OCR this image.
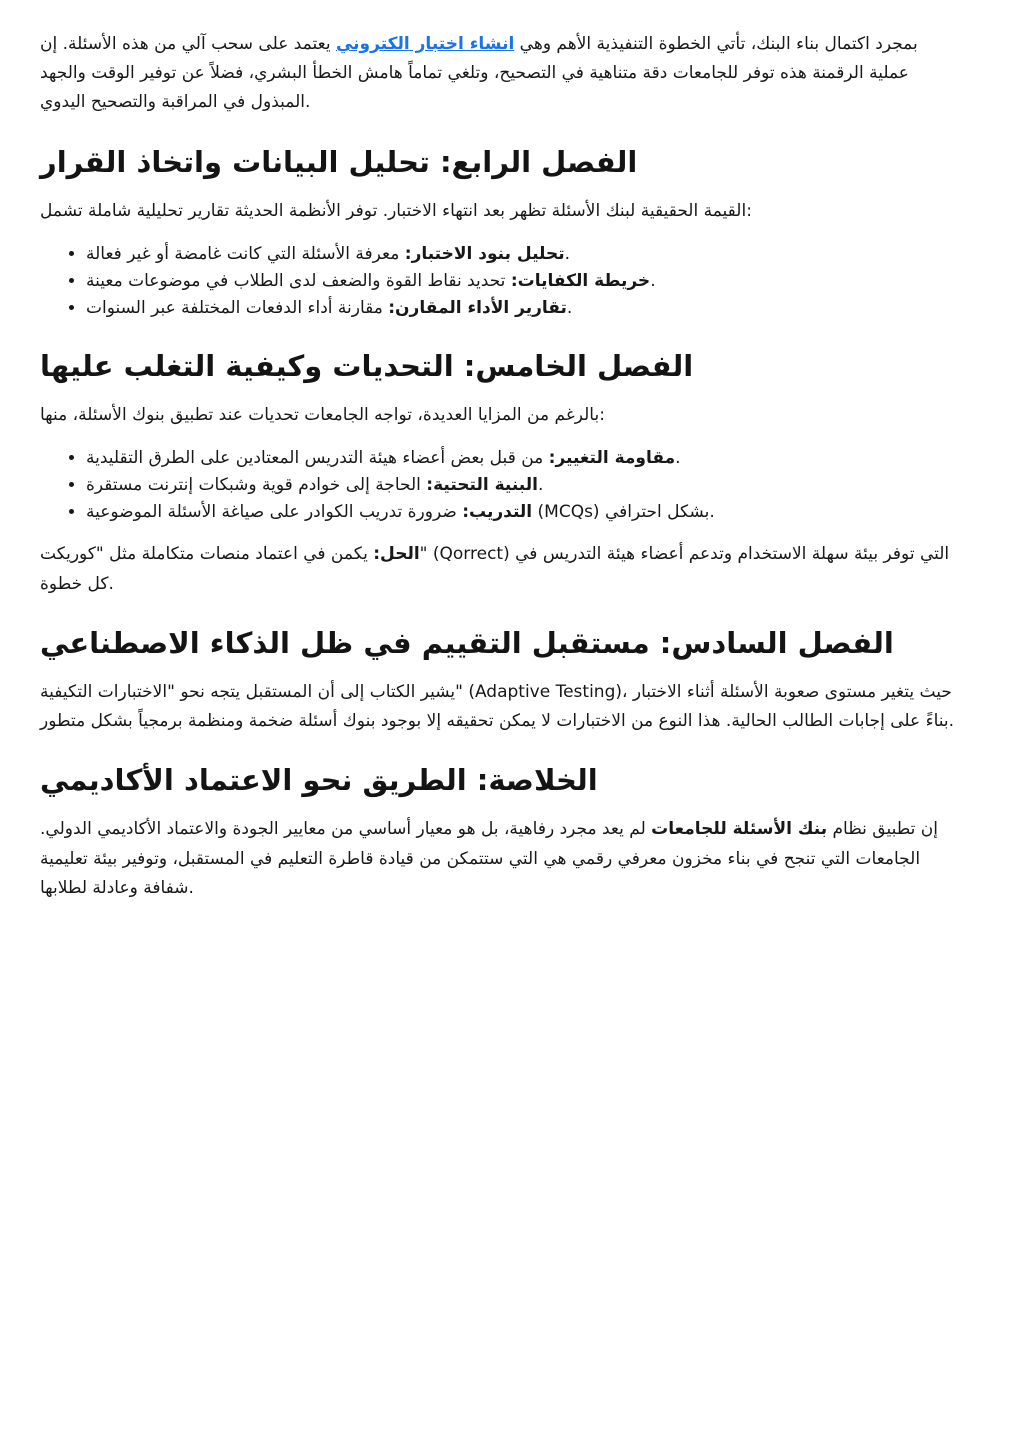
بمجرد اكتمال بناء البنك، تأتي الخطوة التنفيذية الأهم وهي انشاء اختبار الكتروني يعتمد على سحب آلي من هذه الأسئلة. إن عملية الرقمنة هذه توفر للجامعات دقة متناهية في التصحيح، وتلغي تماماً هامش الخطأ البشري، فضلاً عن توفير الوقت والجهد المبذول في المراقبة والتصحيح اليدوي.

الفصل الرابع: تحليل البيانات واتخاذ القرار

القيمة الحقيقية لبنك الأسئلة تظهر بعد انتهاء الاختبار. توفر الأنظمة الحديثة تقارير تحليلية شاملة تشمل:

• تحليل بنود الاختبار: معرفة الأسئلة التي كانت غامضة أو غير فعالة.
• خريطة الكفايات: تحديد نقاط القوة والضعف لدى الطلاب في موضوعات معينة.
• تقارير الأداء المقارن: مقارنة أداء الدفعات المختلفة عبر السنوات.
الفصل الخامس: التحديات وكيفية التغلب عليها

بالرغم من المزايا العديدة، تواجه الجامعات تحديات عند تطبيق بنوك الأسئلة، منها:

• مقاومة التغيير: من قبل بعض أعضاء هيئة التدريس المعتادين على الطرق التقليدية.
• البنية التحتية: الحاجة إلى خوادم قوية وشبكات إنترنت مستقرة.
• التدريب: ضرورة تدريب الكوادر على صياغة الأسئلة الموضوعية (MCQs) بشكل احترافي.

الحل: يكمن في اعتماد منصات متكاملة مثل "كوريكت" (Qorrect) التي توفر بيئة سهلة الاستخدام وتدعم أعضاء هيئة التدريس في كل خطوة.

الفصل السادس: مستقبل التقييم في ظل الذكاء الاصطناعي

يشير الكتاب إلى أن المستقبل يتجه نحو "الاختبارات التكيفية" (Adaptive Testing)، حيث يتغير مستوى صعوبة الأسئلة أثناء الاختبار بناءً على إجابات الطالب الحالية. هذا النوع من الاختبارات لا يمكن تحقيقه إلا بوجود بنوك أسئلة ضخمة ومنظمة برمجياً بشكل متطور.

الخلاصة: الطريق نحو الاعتماد الأكاديمي

إن تطبيق نظام بنك الأسئلة للجامعات لم يعد مجرد رفاهية، بل هو معيار أساسي من معايير الجودة والاعتماد الأكاديمي الدولي. الجامعات التي تنجح في بناء مخزون معرفي رقمي هي التي ستتمكن من قيادة قاطرة التعليم في المستقبل، وتوفير بيئة تعليمية شفافة وعادلة لطلابها.
